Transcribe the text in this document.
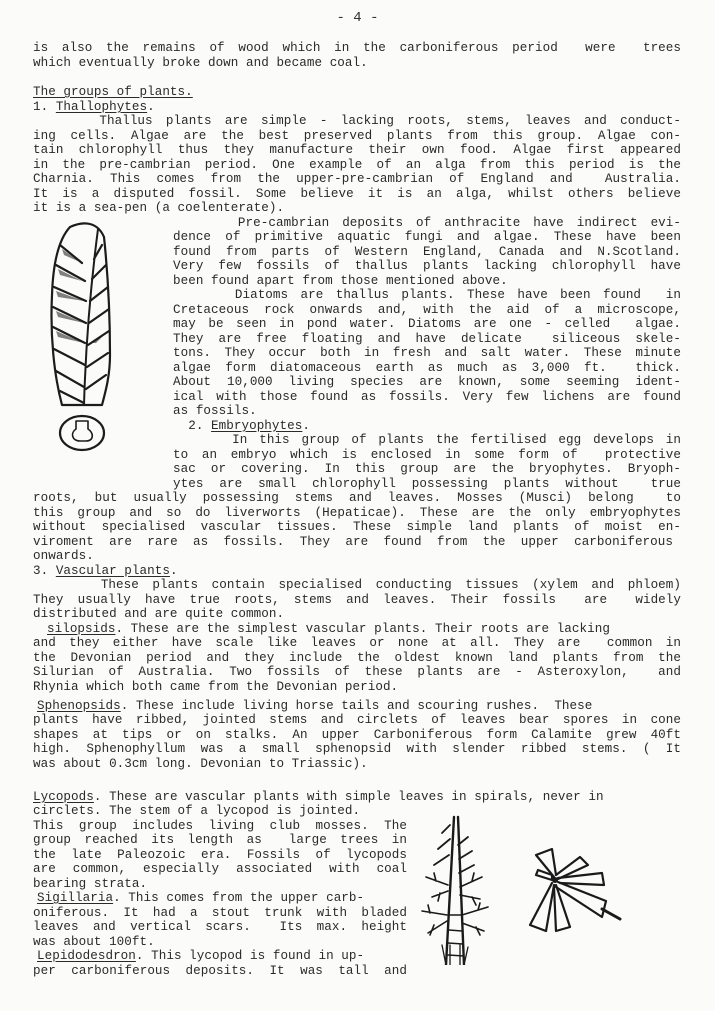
- 4 -
is also the remains of wood which in the carboniferous period  were  trees
which eventually broke down and became coal.
The groups of plants.
1. Thallophytes.
Thallus plants are simple - lacking roots, stems, leaves and conduct-
ing cells. Algae are the best preserved plants from this group. Algae con-
tain chlorophyll thus they manufacture their own food. Algae first appeared
in the pre-cambrian period. One example of an alga from this period is the
Charnia. This comes from the upper-pre-cambrian of England and  Australia.
It is a disputed fossil. Some believe it is an alga, whilst others believe
it is a sea-pen (a coelenterate).
Pre-cambrian deposits of anthracite have indirect evi-
dence of primitive aquatic fungi and algae. These have been
found from parts of Western England, Canada and N.Scotland.
Very few fossils of thallus plants lacking chlorophyll have
been found apart from those mentioned above.
Diatoms are thallus plants. These have been found  in
Cretaceous rock onwards and, with the aid of a microscope,
may be seen in pond water. Diatoms are one - celled  algae.
They are free floating and have delicate  siliceous skele-
tons. They occur both in fresh and salt water. These minute
algae form diatomaceous earth as much as 3,000 ft.  thick.
About 10,000 living species are known, some seeming ident-
ical with those found as fossils. Very few lichens are found
as fossils.
2. Embryophytes.
In this group of plants the fertilised egg develops in
to an embryo which is enclosed in some form of  protective
sac or covering. In this group are the bryophytes. Bryoph-
ytes are small chlorophyll possessing plants without  true
roots, but usually possessing stems and leaves. Mosses (Musci) belong  to
this group and so do liverworts (Hepaticae). These are the only embryophytes
without specialised vascular tissues. These simple land plants of moist en-
viroment are rare as fossils. They are found from the upper carboniferous
onwards.
3. Vascular plants.
These plants contain specialised conducting tissues (xylem and phloem)
They usually have true roots, stems and leaves. Their fossils  are  widely
distributed and are quite common.
silopsids. These are the simplest vascular plants. Their roots are lacking
and they either have scale like leaves or none at all. They are  common in
the Devonian period and they include the oldest known land plants from the
Silurian of Australia. Two fossils of these plants are - Asteroxylon,  and
Rhynia which both came from the Devonian period.
Sphenopsids. These include living horse tails and scouring rushes.  These
plants have ribbed, jointed stems and circlets of leaves bear spores in cone
shapes at tips or on stalks. An upper Carboniferous form Calamite grew 40ft
high. Sphenophyllum was a small sphenopsid with slender ribbed stems. ( It
was about 0.3cm long. Devonian to Triassic).
Lycopods. These are vascular plants with simple leaves in spirals, never in
circlets. The stem of a lycopod is jointed.
This group includes living club mosses. The
group reached its length as  large trees in
the late Paleozoic era. Fossils of lycopods
are common, especially associated with coal
bearing strata.
Sigillaria. This comes from the upper carb-
oniferous. It had a stout trunk with bladed
leaves and vertical scars.  Its max. height
was about 100ft.
Lepidodesdron. This lycopod is found in up-
per carboniferous deposits. It was tall and
